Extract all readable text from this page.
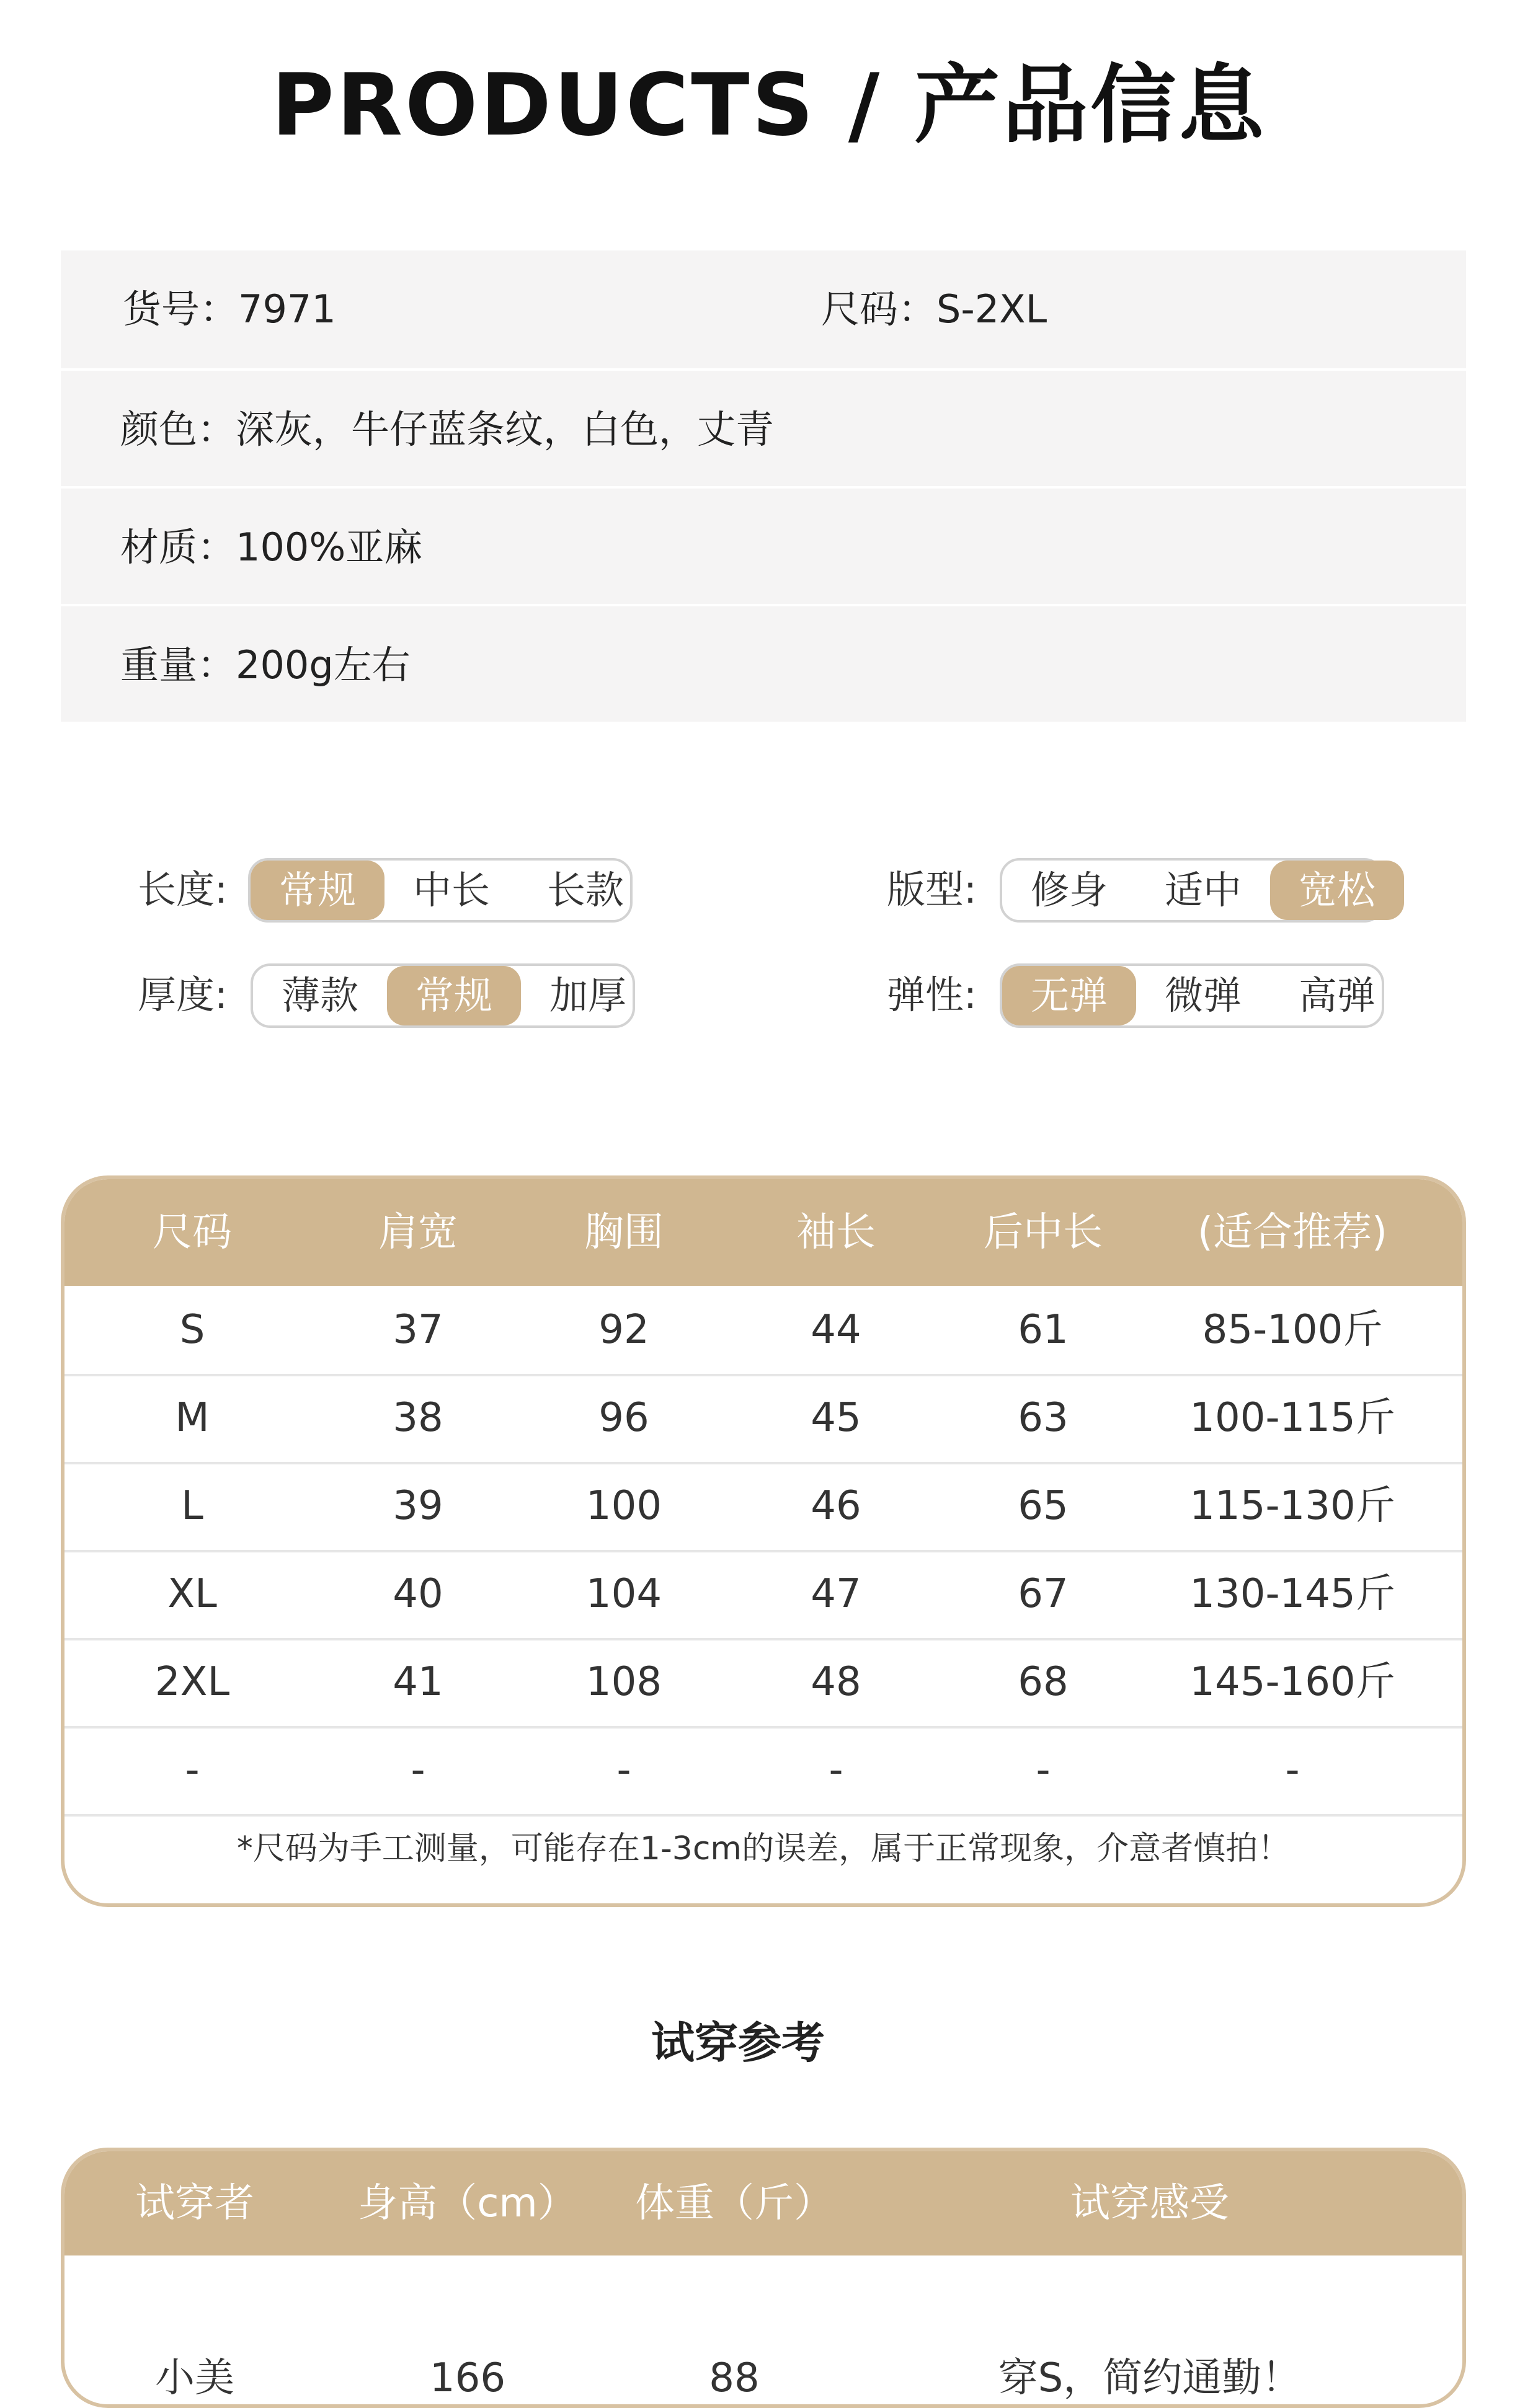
PRODUCTS / 产品信息
货号：7971	尺码：S-2XL
颜色：深灰，牛仔蓝条纹，白色，丈青
材质：100%亚麻
重量：200g左右
长度:	常规	中长	长款	版型:	修身	适中	宽松
厚度:	薄款	常规	加厚	弹性:	无弹	微弹	高弹
尺码	肩宽	胸围	袖长	后中长	(适合推荐)
S	37	92	44	61	85-100斤
M	38	96	45	63	100-115斤
L	39	100	46	65	115-130斤
XL	40	104	47	67	130-145斤
2XL	41	108	48	68	145-160斤
-	-	-	-	-	-
*尺码为手工测量，可能存在1-3cm的误差，属于正常现象，介意者慎拍！
试穿参考
试穿者	身高（cm）	体重（斤）	试穿感受
小美	166	88	穿S，简约通勤！
